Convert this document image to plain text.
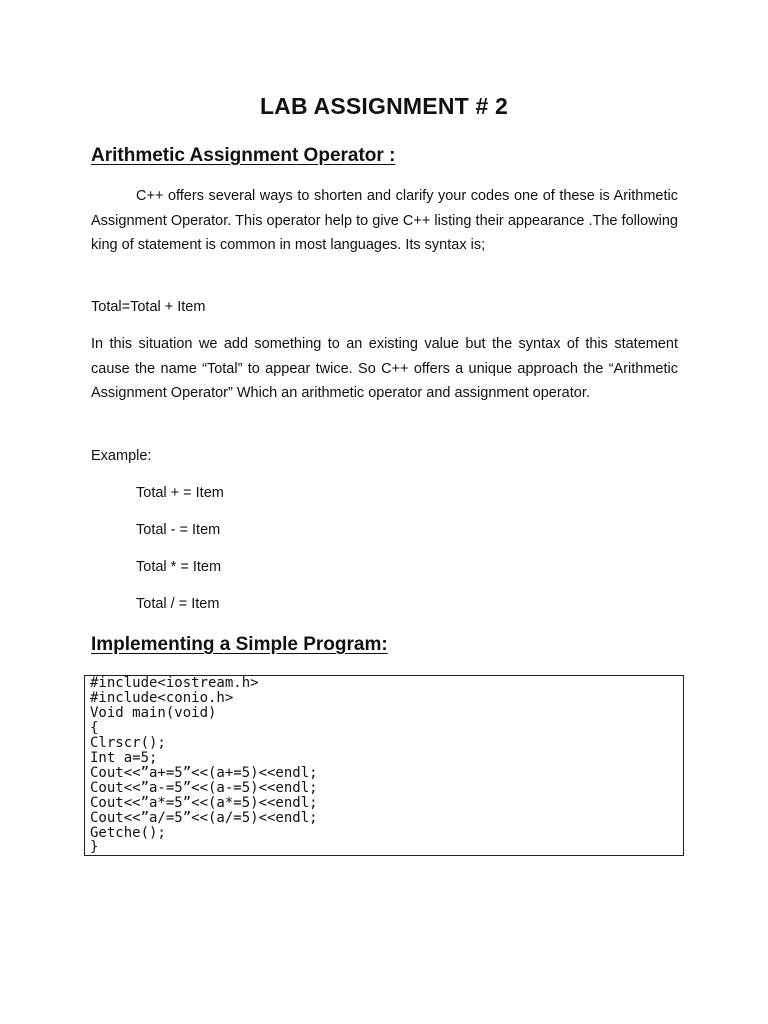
LAB ASSIGNMENT # 2
Arithmetic Assignment Operator :
C++ offers several ways to shorten and clarify your codes one of these is Arithmetic Assignment Operator. This operator help to give C++ listing their appearance .The following king of statement is common in most languages. Its syntax is;
Total=Total + Item
In this situation we add something to an existing value but the syntax of this statement cause the name “Total” to appear twice. So C++ offers a unique approach the “Arithmetic Assignment Operator” Which an arithmetic operator and assignment operator.
Example:
Total + = Item
Total - = Item
Total * = Item
Total / = Item
Implementing a Simple Program:
#include<iostream.h>
#include<conio.h>
Void main(void)
{
Clrscr();
Int a=5;
Cout<<”a+=5”<<(a+=5)<<endl;
Cout<<”a-=5”<<(a-=5)<<endl;
Cout<<”a*=5”<<(a*=5)<<endl;
Cout<<”a/=5”<<(a/=5)<<endl;
Getche();
}
